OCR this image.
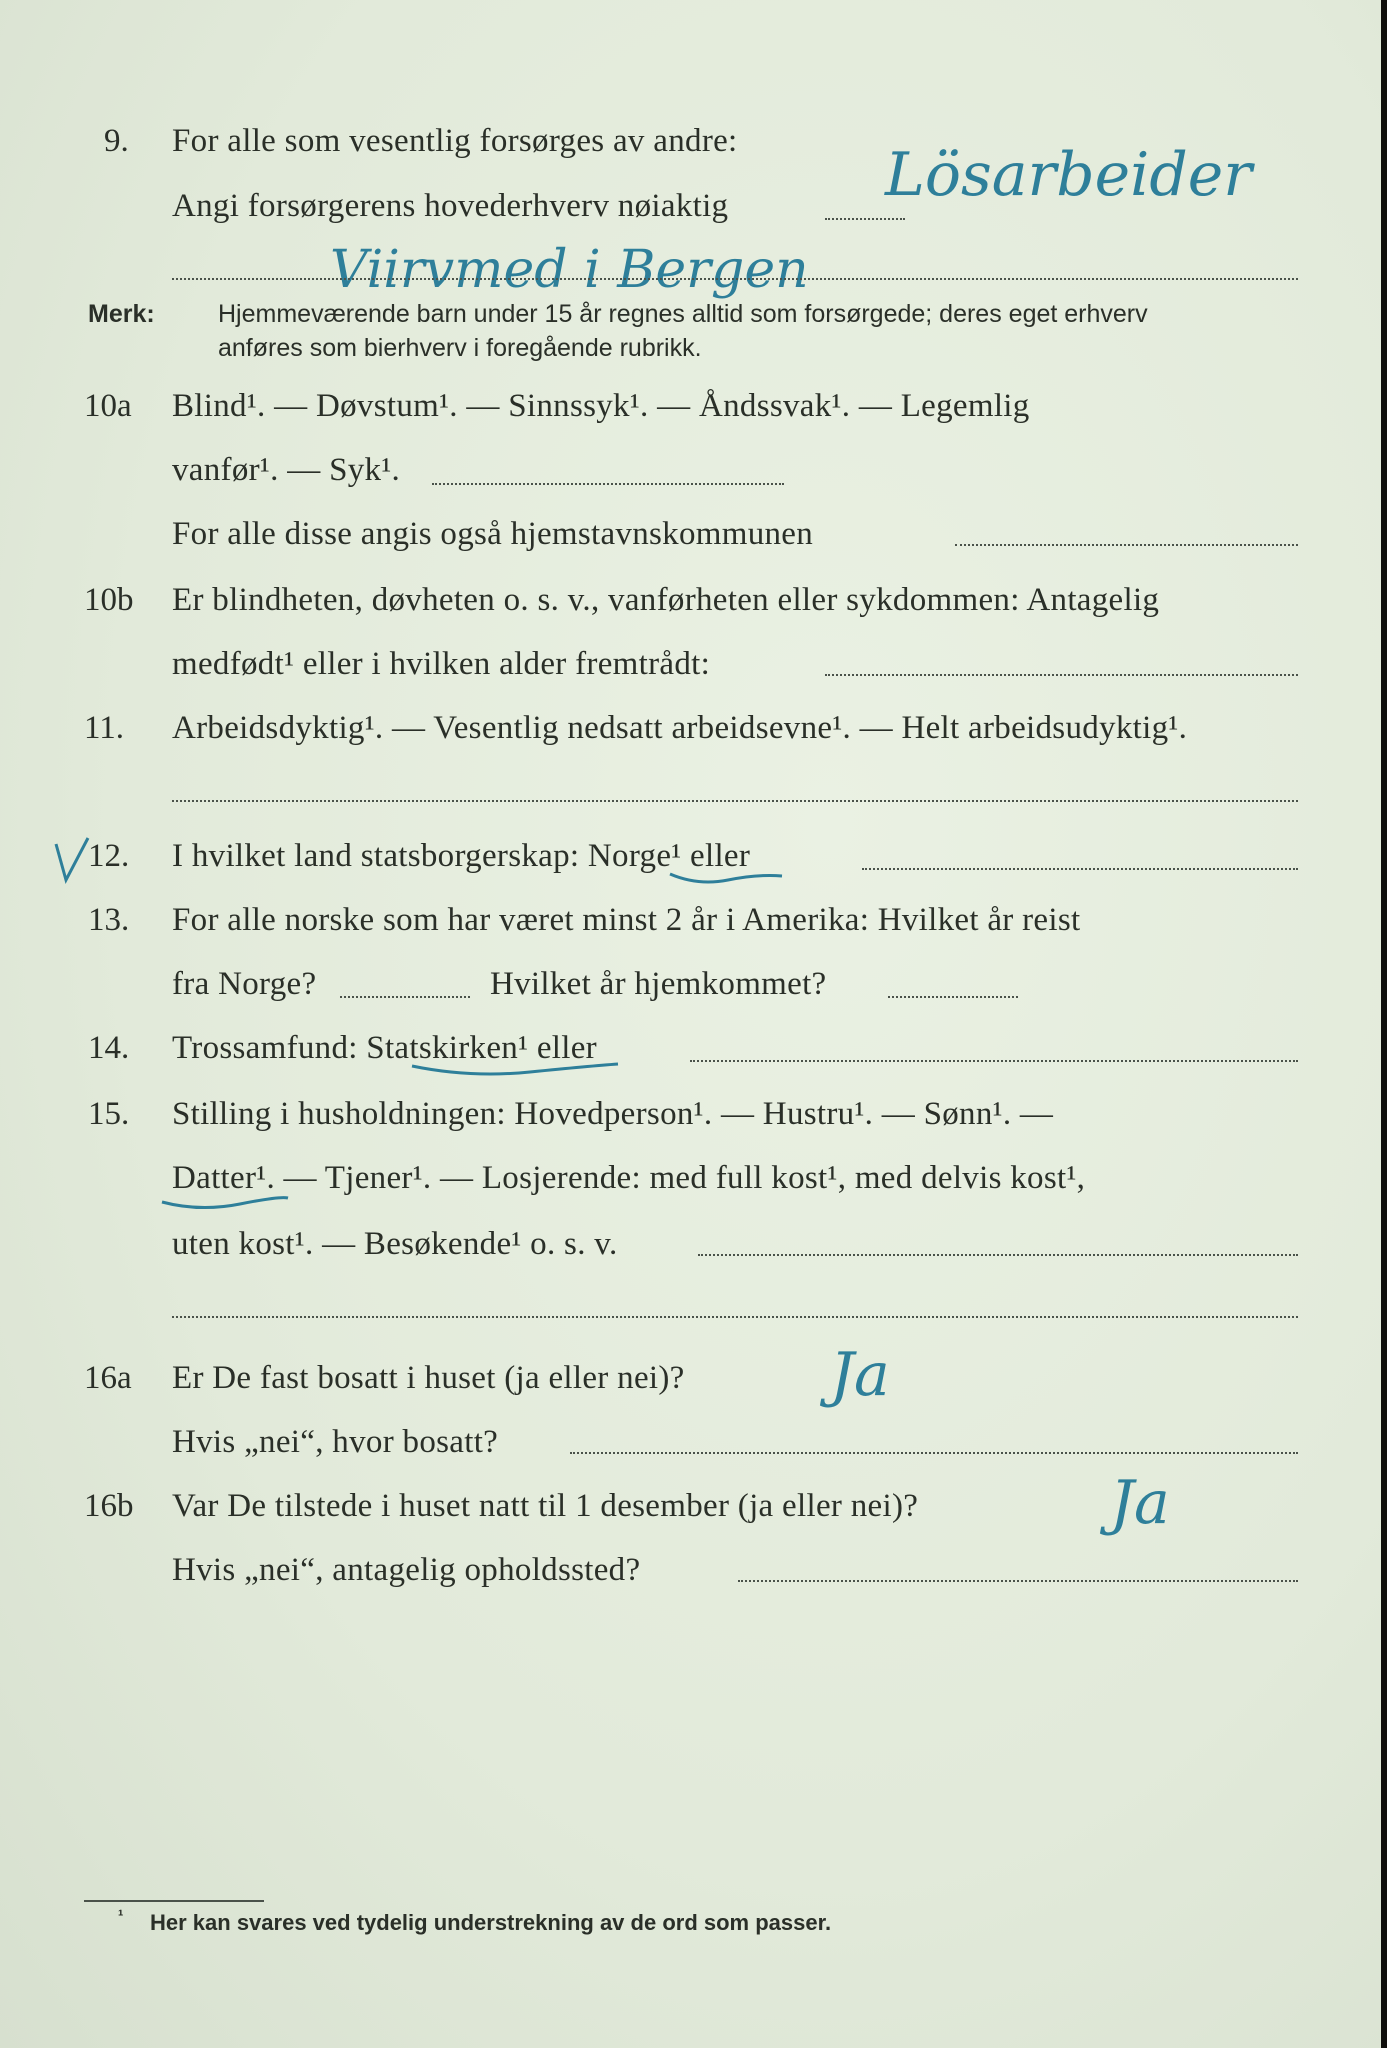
9. For alle som vesentlig forsørges av andre: Lösarbeider
Angi forsørgerens hovederhverv nøiaktig
Viirvmed i Bergen
Merk:	Hjemmeværende barn under 15 år regnes alltid som forsørgede; deres eget erhverv
anføres som bierhverv i foregående rubrikk.
10a Blind¹. — Døvstum¹. — Sinnssyk¹. — Åndssvak¹. — Legemlig
vanfør¹. — Syk¹.
For alle disse angis også hjemstavnskommunen
10b Er blindheten, døvheten o. s. v., vanførheten eller sykdommen: Antagelig
medfødt¹ eller i hvilken alder fremtrådt:
11. Arbeidsdyktig¹. — Vesentlig nedsatt arbeidsevne¹. — Helt arbeidsudyktig¹.
12. I hvilket land statsborgerskap: Norge¹ eller
13. For alle norske som har været minst 2 år i Amerika: Hvilket år reist
fra Norge?	Hvilket år hjemkommet?
14. Trossamfund: Statskirken¹ eller
15. Stilling i husholdningen: Hovedperson¹. — Hustru¹. — Sønn¹. —
Datter¹. — Tjener¹. — Losjerende: med full kost¹, med delvis kost¹,
uten kost¹. — Besøkende¹ o. s. v.
16a Er De fast bosatt i huset (ja eller nei)? Ja
Hvis „nei“, hvor bosatt?
16b Var De tilstede i huset natt til 1 desember (ja eller nei)?	Ja
Hvis „nei“, antagelig opholdssted?
¹ Her kan svares ved tydelig understrekning av de ord som passer.
